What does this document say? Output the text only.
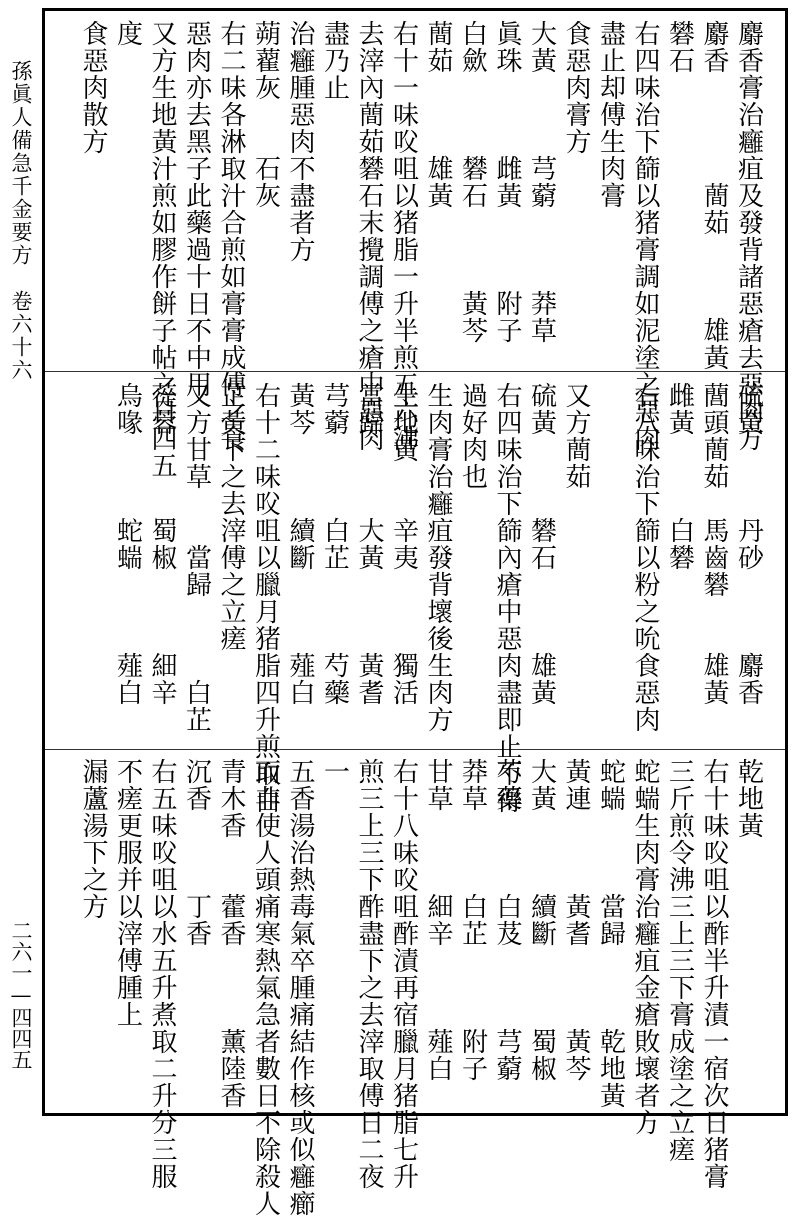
孫眞人備急千金要方　卷六十六
二六一—四四五
麝香膏治癰疽及發背諸惡瘡去惡肉方
麝香　　　　蕳茹　　　雄黃
礬石　　　　　　　
右四味治下篩以猪膏調如泥塗之惡肉
盡止却傅生肉膏
食惡肉膏方
大黃　　　芎藭　　　莽草
眞珠　　　雌黃　　　附子
白歛　　　礬石　　　黃芩
蕳茹　　　雄黃
右十一味㕮咀以猪脂一升半煎五六沸
去滓內蕳茹礬石末攪調傅之瘡中惡肉
盡乃止
治癰腫惡肉不盡者方
蒴藋灰　　石灰
右二味各淋取汁合煎如膏膏成傅之食
惡肉亦去黑子此藥過十日不中用
又方生地黃汁煎如膠作餅子帖之日四五
度
食惡肉散方
硫黃　　　丹砂　　　麝香
䕡頭蕳茹　馬齒礬　　雄黃
雌黃　　　白礬
右八味治下篩以粉之吮食惡肉
又方蕳茹
硫黃　　　礬石　　　雄黃
右四味治下篩內瘡中惡肉盡即止不得
過好肉也
生肉膏治癰疽發背壞後生肉方
生地黃　　辛夷　　　獨活
當歸　　　大黃　　　黃耆
芎藭　　　白芷　　　芍藥
黃芩　　　續斷　　　薤白
右十二味㕮咀以臘月猪脂四升煎取白
芷黃下之去滓傅之立瘥
又方甘草　　當歸　　　白芷
蓯蓉　　　蜀椒　　　細辛
烏喙　　　蛇𧍒　　　薤白
乾地黃
右十味㕮咀以酢半升漬一宿次日猪膏
三斤煎令沸三上三下膏成塗之立瘥
蛇𧍒生肉膏治癰疽金瘡敗壞者方
蛇𧍒　　　當歸　　　乾地黃
黃連　　　黃耆　　　黃芩
大黃　　　續斷　　　蜀椒
芍藥　　　白芨　　　芎藭
莽草　　　白芷　　　附子
甘草　　　細辛　　　薤白
右十八味㕮咀酢漬再宿臘月猪脂七升
煎三上三下酢盡下之去滓取傅日二夜
一
五香湯治熱毒氣卒腫痛結作核或似癰癤
而非使人頭痛寒熱氣急者數日不除殺人
青木香　　藿香　　　薰陸香
沉香　　　丁香
右五味㕮咀以水五升煮取二升分三服
不瘥更服并以滓傅腫上
漏蘆湯下之方
